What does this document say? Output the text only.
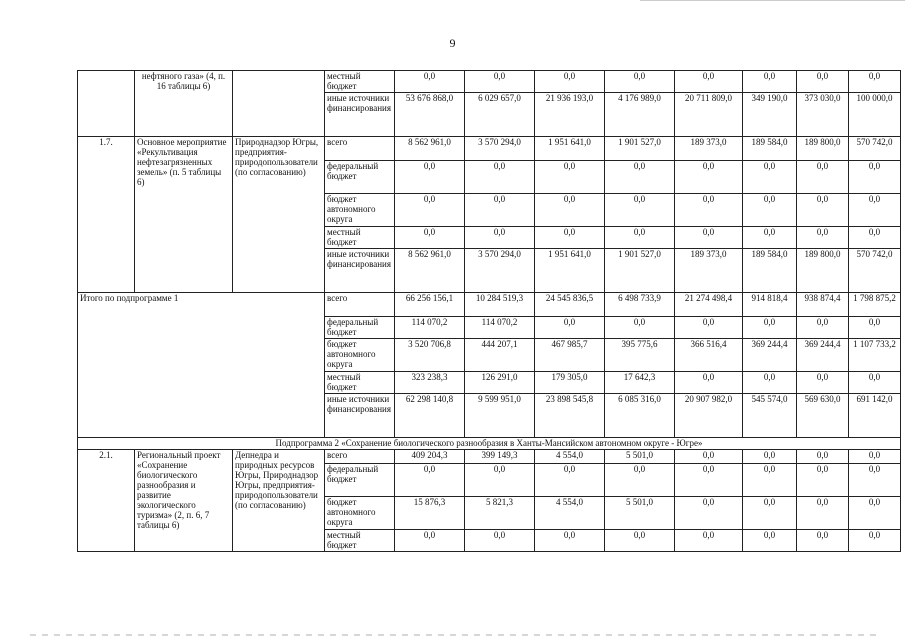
9
	нефтяного газа» (4, п. 16 таблицы 6)		местный бюджет	0,0	0,0	0,0	0,0	0,0	0,0	0,0	0,0
			иные источники финансирования	53 676 868,0	6 029 657,0	21 936 193,0	4 176 989,0	20 711 809,0	349 190,0	373 030,0	100 000,0
1.7.	Основное мероприятие «Рекультивация нефтезагрязненных земель» (п. 5 таблицы 6)	Природнадзор Югры, предприятия-природопользователи (по согласованию)	всего	8 562 961,0	3 570 294,0	1 951 641,0	1 901 527,0	189 373,0	189 584,0	189 800,0	570 742,0
			федеральный бюджет	0,0	0,0	0,0	0,0	0,0	0,0	0,0	0,0
			бюджет автономного округа	0,0	0,0	0,0	0,0	0,0	0,0	0,0	0,0
			местный бюджет	0,0	0,0	0,0	0,0	0,0	0,0	0,0	0,0
			иные источники финансирования	8 562 961,0	3 570 294,0	1 951 641,0	1 901 527,0	189 373,0	189 584,0	189 800,0	570 742,0
Итого по подпрограмме 1			всего	66 256 156,1	10 284 519,3	24 545 836,5	6 498 733,9	21 274 498,4	914 818,4	938 874,4	1 798 875,2
			федеральный бюджет	114 070,2	114 070,2	0,0	0,0	0,0	0,0	0,0	0,0
			бюджет автономного округа	3 520 706,8	444 207,1	467 985,7	395 775,6	366 516,4	369 244,4	369 244,4	1 107 733,2
			местный бюджет	323 238,3	126 291,0	179 305,0	17 642,3	0,0	0,0	0,0	0,0
			иные источники финансирования	62 298 140,8	9 599 951,0	23 898 545,8	6 085 316,0	20 907 982,0	545 574,0	569 630,0	691 142,0
Подпрограмма 2 «Сохранение биологического разнообразия в Ханты-Мансийском автономном округе - Югре»											
2.1.	Региональный проект «Сохранение биологического разнообразия и развитие экологического туризма» (2, п. 6, 7 таблицы 6)	Депнедра и природных ресурсов Югры, Природнадзор Югры, предприятия-природопользователи (по согласованию)	всего	409 204,3	399 149,3	4 554,0	5 501,0	0,0	0,0	0,0	0,0
			федеральный бюджет	0,0	0,0	0,0	0,0	0,0	0,0	0,0	0,0
			бюджет автономного округа	15 876,3	5 821,3	4 554,0	5 501,0	0,0	0,0	0,0	0,0
			местный бюджет	0,0	0,0	0,0	0,0	0,0	0,0	0,0	0,0
